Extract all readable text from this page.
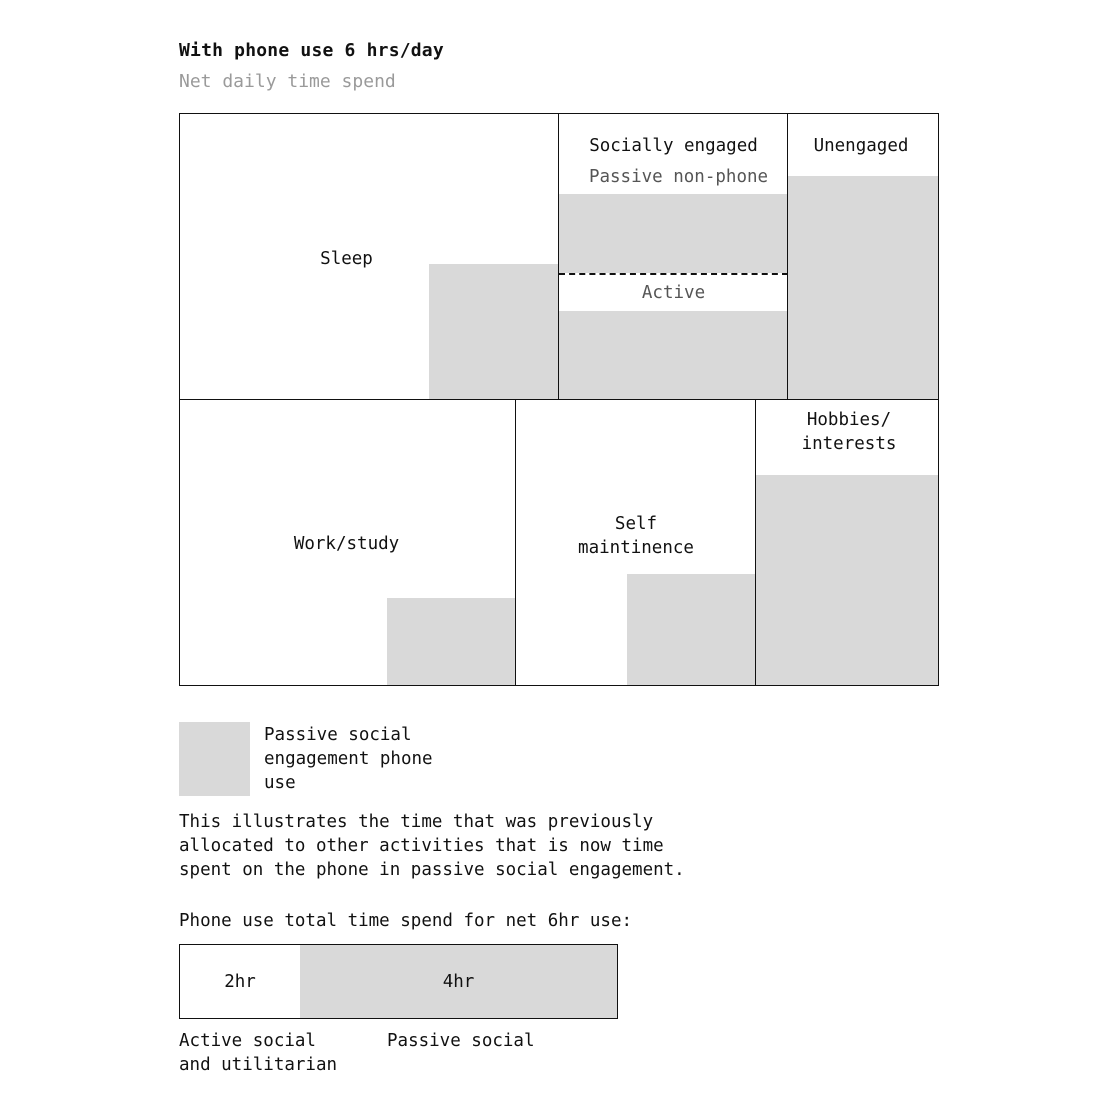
With phone use 6 hrs/day
Net daily time spend
Sleep
Socially engaged
Passive non-phone
Active
Unengaged
Work/study
Self
maintinence
Hobbies/
interests
Passive social
engagement phone
use
This illustrates the time that was previously
allocated to other activities that is now time
spent on the phone in passive social engagement.
Phone use total time spend for net 6hr use:
2hr	4hr
Active social
and utilitarian
Passive social
